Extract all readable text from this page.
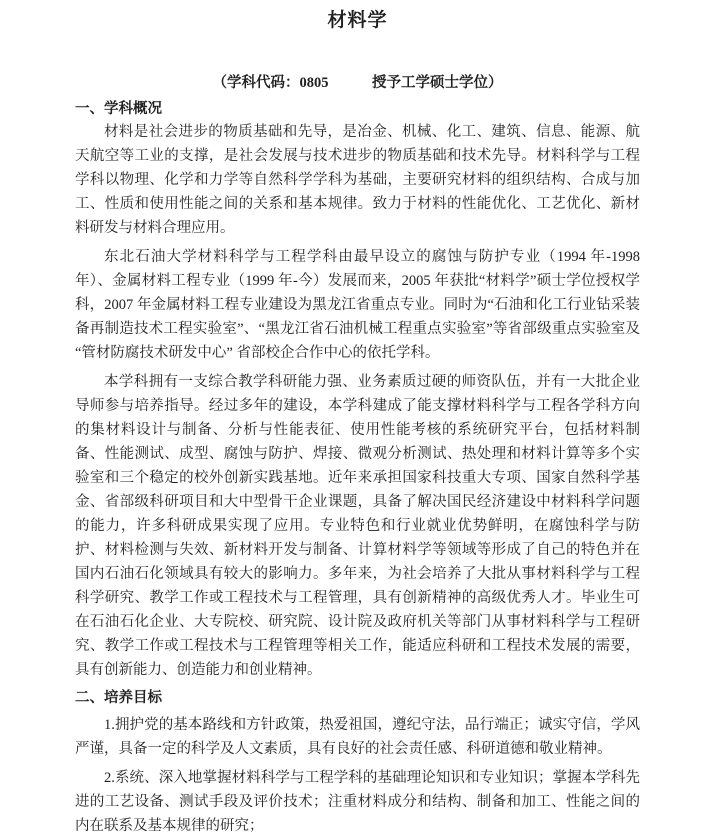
材料学
（学科代码：0805　　　授予工学硕士学位）
一、学科概况

材料是社会进步的物质基础和先导，是冶金、机械、化工、建筑、信息、能源、航天航空等工业的支撑，是社会发展与技术进步的物质基础和技术先导。材料科学与工程学科以物理、化学和力学等自然科学学科为基础，主要研究材料的组织结构、合成与加工、性质和使用性能之间的关系和基本规律。致力于材料的性能优化、工艺优化、新材料研发与材料合理应用。

东北石油大学材料科学与工程学科由最早设立的腐蚀与防护专业（1994 年-1998 年）、金属材料工程专业（1999 年-今）发展而来，2005 年获批“材料学”硕士学位授权学科，2007 年金属材料工程专业建设为黑龙江省重点专业。同时为“石油和化工行业钻采装备再制造技术工程实验室”、“黑龙江省石油机械工程重点实验室”等省部级重点实验室及 “管材防腐技术研发中心” 省部校企合作中心的依托学科。

本学科拥有一支综合教学科研能力强、业务素质过硬的师资队伍，并有一大批企业导师参与培养指导。经过多年的建设，本学科建成了能支撑材料科学与工程各学科方向的集材料设计与制备、分析与性能表征、使用性能考核的系统研究平台，包括材料制备、性能测试、成型、腐蚀与防护、焊接、微观分析测试、热处理和材料计算等多个实验室和三个稳定的校外创新实践基地。近年来承担国家科技重大专项、国家自然科学基金、省部级科研项目和大中型骨干企业课题，具备了解决国民经济建设中材料科学问题的能力，许多科研成果实现了应用。专业特色和行业就业优势鲜明，在腐蚀科学与防护、材料检测与失效、新材料开发与制备、计算材料学等领域等形成了自己的特色并在国内石油石化领域具有较大的影响力。多年来，为社会培养了大批从事材料科学与工程科学研究、教学工作或工程技术与工程管理，具有创新精神的高级优秀人才。毕业生可在石油石化企业、大专院校、研究院、设计院及政府机关等部门从事材料科学与工程研究、教学工作或工程技术与工程管理等相关工作，能适应科研和工程技术发展的需要，具有创新能力、创造能力和创业精神。

二、培养目标

1.拥护党的基本路线和方针政策，热爱祖国，遵纪守法，品行端正；诚实守信，学风严谨，具备一定的科学及人文素质，具有良好的社会责任感、科研道德和敬业精神。

2.系统、深入地掌握材料科学与工程学科的基础理论知识和专业知识；掌握本学科先进的工艺设备、测试手段及评价技术；注重材料成分和结构、制备和加工、性能之间的内在联系及基本规律的研究；
